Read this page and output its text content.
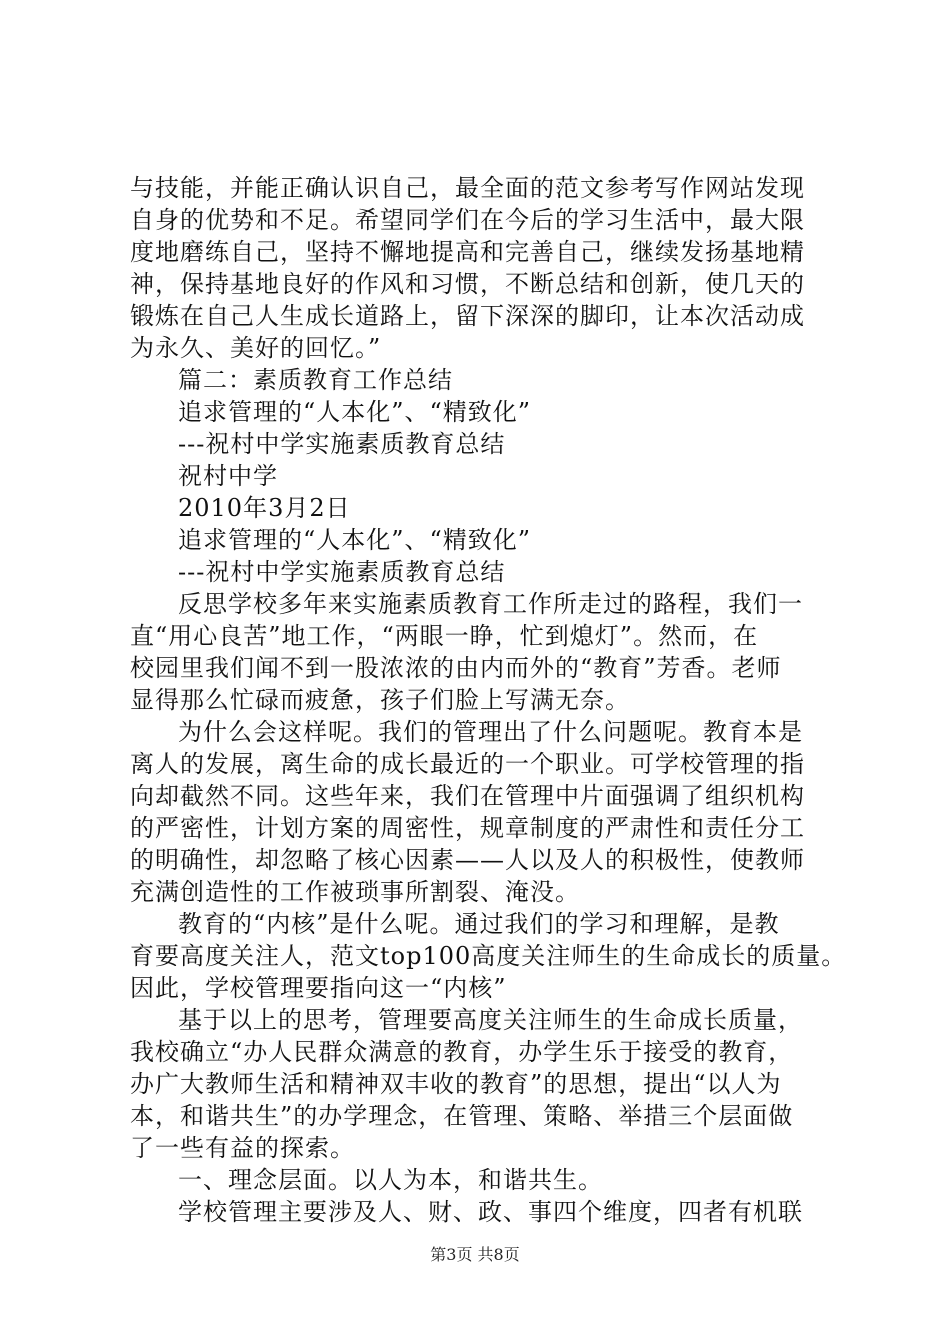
与技能，并能正确认识自己，最全面的范文参考写作网站发现
自身的优势和不足。希望同学们在今后的学习生活中，最大限
度地磨练自己，坚持不懈地提高和完善自己，继续发扬基地精
神，保持基地良好的作风和习惯，不断总结和创新，使几天的
锻炼在自己人生成长道路上，留下深深的脚印，让本次活动成
为永久、美好的回忆。”
篇二：素质教育工作总结
追求管理的“人本化”、“精致化”
---祝村中学实施素质教育总结
祝村中学
2010年3月2日
追求管理的“人本化”、“精致化”
---祝村中学实施素质教育总结
反思学校多年来实施素质教育工作所走过的路程，我们一
直“用心良苦”地工作，“两眼一睁，忙到熄灯”。然而，在
校园里我们闻不到一股浓浓的由内而外的“教育”芳香。老师
显得那么忙碌而疲惫，孩子们脸上写满无奈。
为什么会这样呢。我们的管理出了什么问题呢。教育本是
离人的发展，离生命的成长最近的一个职业。可学校管理的指
向却截然不同。这些年来，我们在管理中片面强调了组织机构
的严密性，计划方案的周密性，规章制度的严肃性和责任分工
的明确性，却忽略了核心因素——人以及人的积极性，使教师
充满创造性的工作被琐事所割裂、淹没。
教育的“内核”是什么呢。通过我们的学习和理解，是教
育要高度关注人，范文top100高度关注师生的生命成长的质量。
因此，学校管理要指向这一“内核”
基于以上的思考，管理要高度关注师生的生命成长质量，
我校确立“办人民群众满意的教育，办学生乐于接受的教育，
办广大教师生活和精神双丰收的教育”的思想，提出“以人为
本，和谐共生”的办学理念，在管理、策略、举措三个层面做
了一些有益的探索。
一、理念层面。以人为本，和谐共生。
学校管理主要涉及人、财、政、事四个维度，四者有机联
第3页 共8页
